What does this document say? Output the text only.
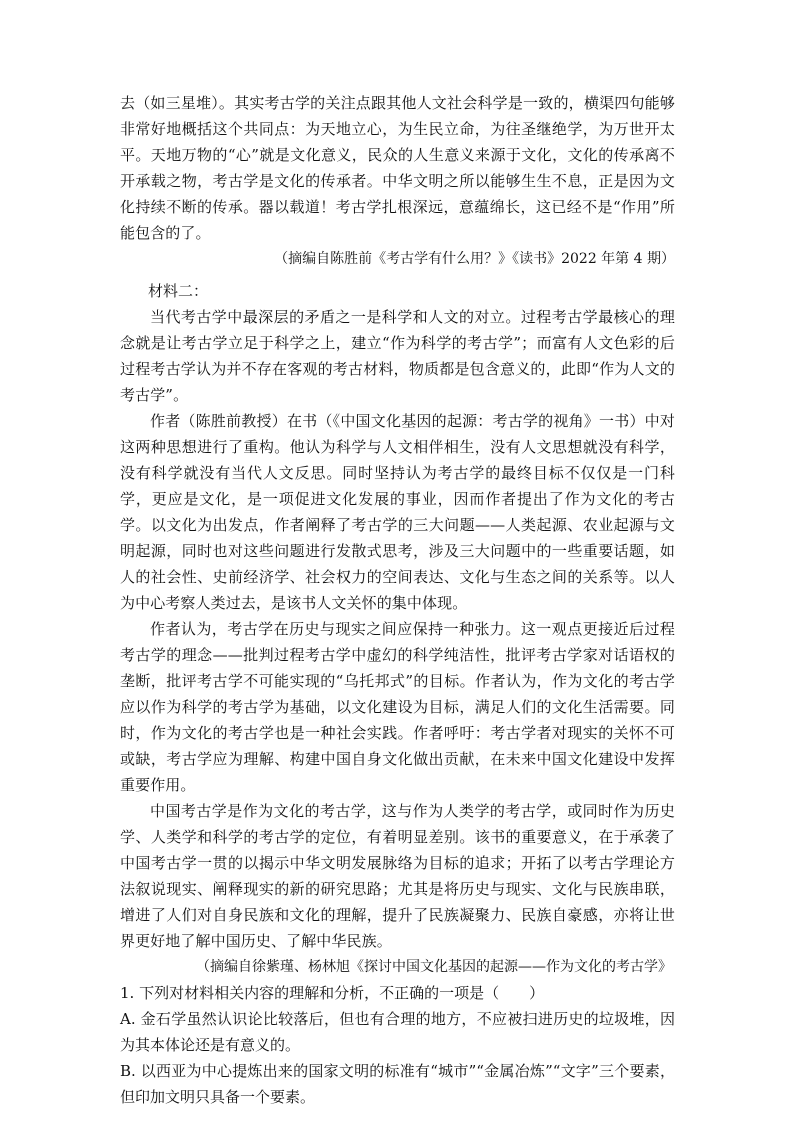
去（如三星堆）。其实考古学的关注点跟其他人文社会科学是一致的，横渠四句能够非常好地概括这个共同点：为天地立心，为生民立命，为往圣继绝学，为万世开太平。天地万物的“心”就是文化意义，民众的人生意义来源于文化，文化的传承离不开承载之物，考古学是文化的传承者。中华文明之所以能够生生不息，正是因为文化持续不断的传承。器以载道！考古学扎根深远，意蕴绵长，这已经不是“作用”所能包含的了。

（摘编自陈胜前《考古学有什么用？》《读书》2022 年第 4 期）

材料二：

当代考古学中最深层的矛盾之一是科学和人文的对立。过程考古学最核心的理念就是让考古学立足于科学之上，建立“作为科学的考古学”；而富有人文色彩的后过程考古学认为并不存在客观的考古材料，物质都是包含意义的，此即“作为人文的考古学”。

作者（陈胜前教授）在书（《中国文化基因的起源：考古学的视角》一书）中对这两种思想进行了重构。他认为科学与人文相伴相生，没有人文思想就没有科学，没有科学就没有当代人文反思。同时坚持认为考古学的最终目标不仅仅是一门科学，更应是文化，是一项促进文化发展的事业，因而作者提出了作为文化的考古学。以文化为出发点，作者阐释了考古学的三大问题——人类起源、农业起源与文明起源，同时也对这些问题进行发散式思考，涉及三大问题中的一些重要话题，如人的社会性、史前经济学、社会权力的空间表达、文化与生态之间的关系等。以人为中心考察人类过去，是该书人文关怀的集中体现。

作者认为，考古学在历史与现实之间应保持一种张力。这一观点更接近后过程考古学的理念——批判过程考古学中虚幻的科学纯洁性，批评考古学家对话语权的垄断，批评考古学不可能实现的“乌托邦式”的目标。作者认为，作为文化的考古学应以作为科学的考古学为基础，以文化建设为目标，满足人们的文化生活需要。同时，作为文化的考古学也是一种社会实践。作者呼吁：考古学者对现实的关怀不可或缺，考古学应为理解、构建中国自身文化做出贡献，在未来中国文化建设中发挥重要作用。

中国考古学是作为文化的考古学，这与作为人类学的考古学，或同时作为历史学、人类学和科学的考古学的定位，有着明显差别。该书的重要意义，在于承袭了中国考古学一贯的以揭示中华文明发展脉络为目标的追求；开拓了以考古学理论方法叙说现实、阐释现实的新的研究思路；尤其是将历史与现实、文化与民族串联，增进了人们对自身民族和文化的理解，提升了民族凝聚力、民族自豪感，亦将让世界更好地了解中国历史、了解中华民族。

（摘编自徐紫瑾、杨林旭《探讨中国文化基因的起源——作为文化的考古学》

1. 下列对材料相关内容的理解和分析，不正确的一项是（　　）

A. 金石学虽然认识论比较落后，但也有合理的地方，不应被扫进历史的垃圾堆，因为其本体论还是有意义的。

B. 以西亚为中心提炼出来的国家文明的标准有“城市”“金属冶炼”“文字”三个要素，但印加文明只具备一个要素。
